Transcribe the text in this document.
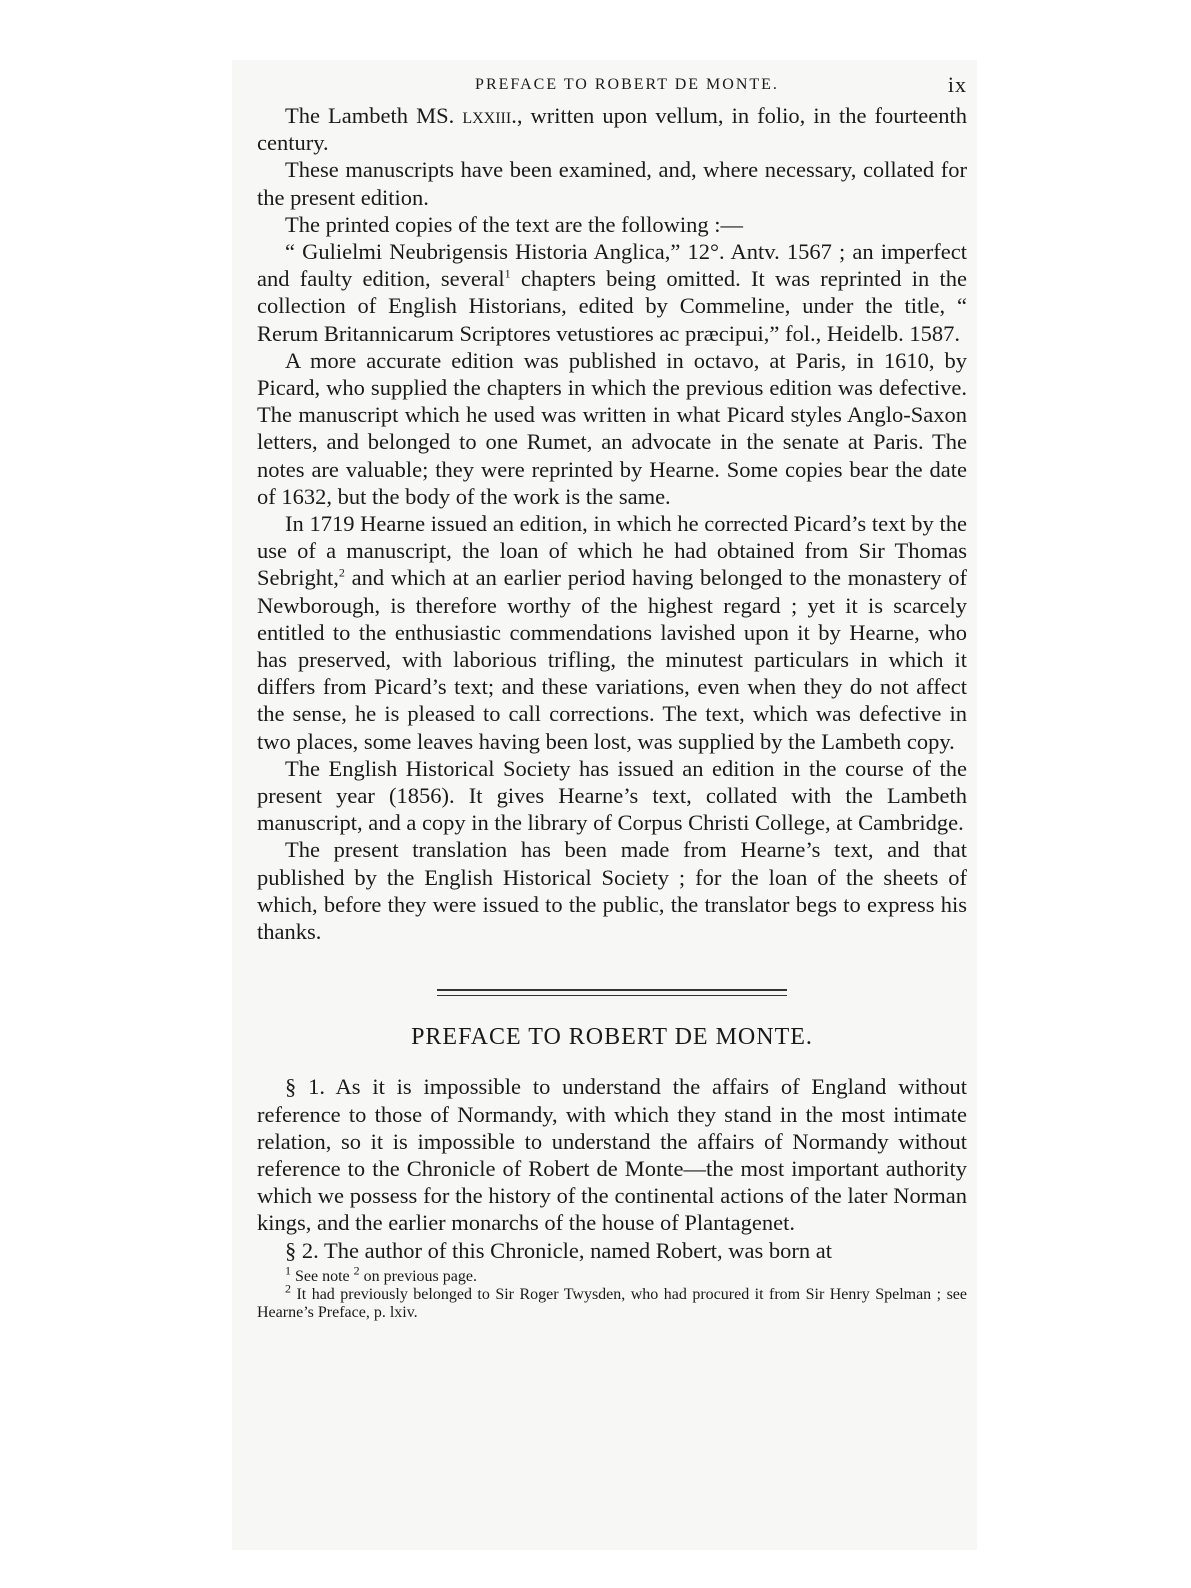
PREFACE TO ROBERT DE MONTE.	ix

The Lambeth MS. lxxiii., written upon vellum, in folio, in the fourteenth century.

These manuscripts have been examined, and, where necessary, collated for the present edition.

The printed copies of the text are the following :—

“ Gulielmi Neubrigensis Historia Anglica,” 12°. Antv. 1567 ; an imperfect and faulty edition, several$^1$ chapters being omitted. It was reprinted in the collection of English Historians, edited by Commeline, under the title, “ Rerum Britannicarum Scriptores vetustiores ac præcipui,” fol., Heidelb. 1587.

A more accurate edition was published in octavo, at Paris, in 1610, by Picard, who supplied the chapters in which the previous edition was defective. The manuscript which he used was written in what Picard styles Anglo-Saxon letters, and belonged to one Rumet, an advocate in the senate at Paris. The notes are valuable; they were reprinted by Hearne. Some copies bear the date of 1632, but the body of the work is the same.

In 1719 Hearne issued an edition, in which he corrected Picard’s text by the use of a manuscript, the loan of which he had obtained from Sir Thomas Sebright,$^2$ and which at an earlier period having belonged to the monastery of Newborough, is therefore worthy of the highest regard ; yet it is scarcely entitled to the enthusiastic commendations lavished upon it by Hearne, who has preserved, with laborious trifling, the minutest particulars in which it differs from Picard’s text; and these variations, even when they do not affect the sense, he is pleased to call corrections. The text, which was defective in two places, some leaves having been lost, was supplied by the Lambeth copy.

The English Historical Society has issued an edition in the course of the present year (1856). It gives Hearne’s text, collated with the Lambeth manuscript, and a copy in the library of Corpus Christi College, at Cambridge.

The present translation has been made from Hearne’s text, and that published by the English Historical Society ; for the loan of the sheets of which, before they were issued to the public, the translator begs to express his thanks.

PREFACE TO ROBERT DE MONTE.

§ 1. As it is impossible to understand the affairs of England without reference to those of Normandy, with which they stand in the most intimate relation, so it is impossible to understand the affairs of Normandy without reference to the Chronicle of Robert de Monte—the most important authority which we possess for the history of the continental actions of the later Norman kings, and the earlier monarchs of the house of Plantagenet.

§ 2. The author of this Chronicle, named Robert, was born at

$^1$ See note $^2$ on previous page.

$^2$ It had previously belonged to Sir Roger Twysden, who had procured it from Sir Henry Spelman ; see Hearne’s Preface, p. lxiv.
